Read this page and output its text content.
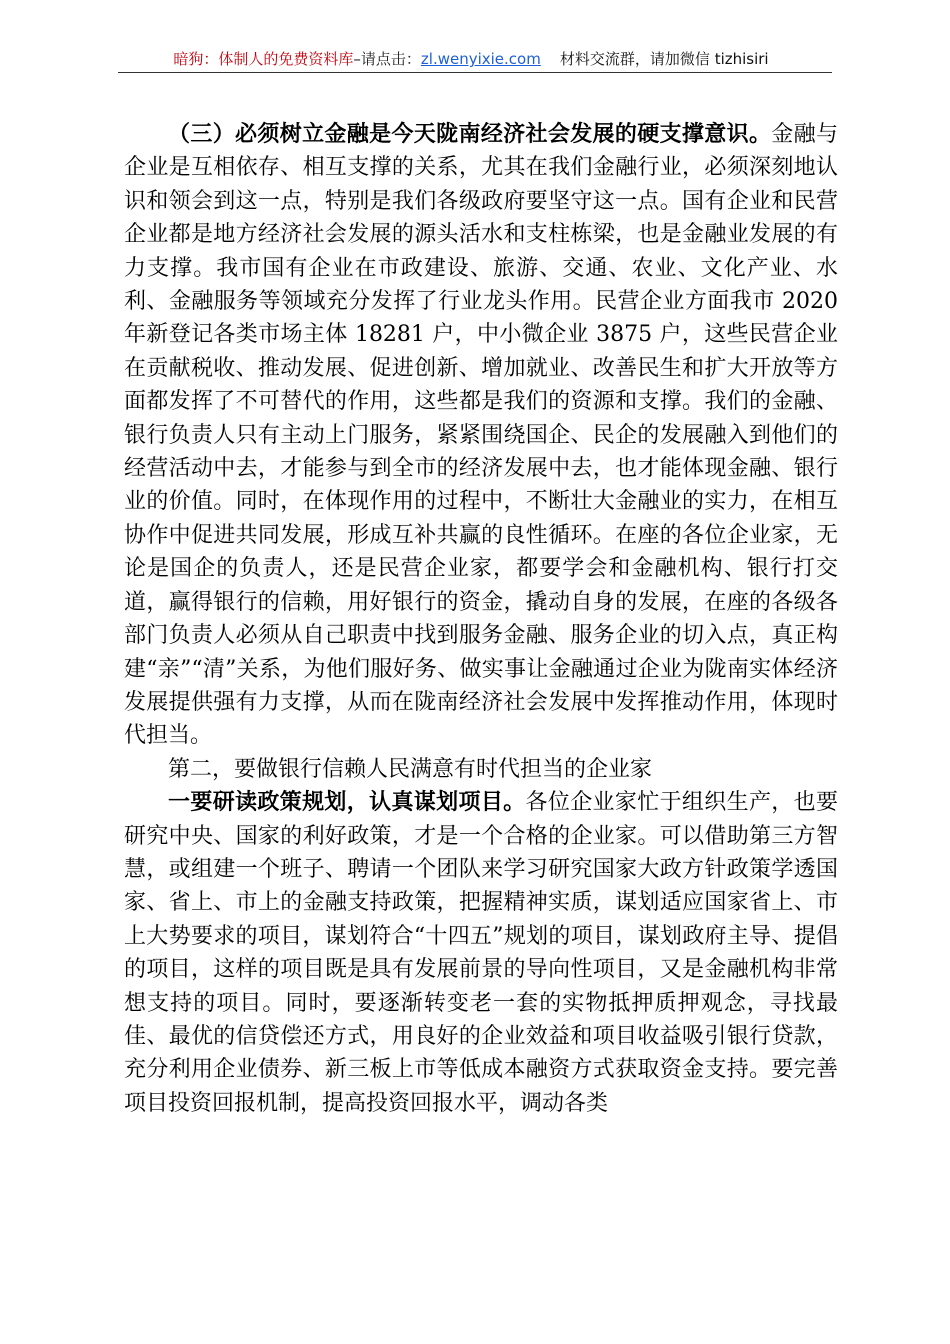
暗狗：体制人的免费资料库–请点击：zl.wenyixie.com 材料交流群，请加微信 tizhisiri

（三）必须树立金融是今天陇南经济社会发展的硬支撑意识。金融与企业是互相依存、相互支撑的关系，尤其在我们金融行业，必须深刻地认识和领会到这一点，特别是我们各级政府要坚守这一点。国有企业和民营企业都是地方经济社会发展的源头活水和支柱栋梁，也是金融业发展的有力支撑。我市国有企业在市政建设、旅游、交通、农业、文化产业、水利、金融服务等领域充分发挥了行业龙头作用。民营企业方面我市 2020 年新登记各类市场主体 18281 户，中小微企业 3875 户，这些民营企业在贡献税收、推动发展、促进创新、增加就业、改善民生和扩大开放等方面都发挥了不可替代的作用，这些都是我们的资源和支撑。我们的金融、银行负责人只有主动上门服务，紧紧围绕国企、民企的发展融入到他们的经营活动中去，才能参与到全市的经济发展中去，也才能体现金融、银行业的价值。同时，在体现作用的过程中，不断壮大金融业的实力，在相互协作中促进共同发展，形成互补共赢的良性循环。在座的各位企业家，无论是国企的负责人，还是民营企业家，都要学会和金融机构、银行打交道，赢得银行的信赖，用好银行的资金，撬动自身的发展，在座的各级各部门负责人必须从自己职责中找到服务金融、服务企业的切入点，真正构建“亲”“清”关系，为他们服好务、做实事让金融通过企业为陇南实体经济发展提供强有力支撑，从而在陇南经济社会发展中发挥推动作用，体现时代担当。

第二，要做银行信赖人民满意有时代担当的企业家

一要研读政策规划，认真谋划项目。各位企业家忙于组织生产，也要研究中央、国家的利好政策，才是一个合格的企业家。可以借助第三方智慧，或组建一个班子、聘请一个团队来学习研究国家大政方针政策学透国家、省上、市上的金融支持政策，把握精神实质，谋划适应国家省上、市上大势要求的项目，谋划符合“十四五”规划的项目，谋划政府主导、提倡的项目，这样的项目既是具有发展前景的导向性项目，又是金融机构非常想支持的项目。同时，要逐渐转变老一套的实物抵押质押观念，寻找最佳、最优的信贷偿还方式，用良好的企业效益和项目收益吸引银行贷款，充分利用企业债券、新三板上市等低成本融资方式获取资金支持。要完善项目投资回报机制，提高投资回报水平，调动各类
